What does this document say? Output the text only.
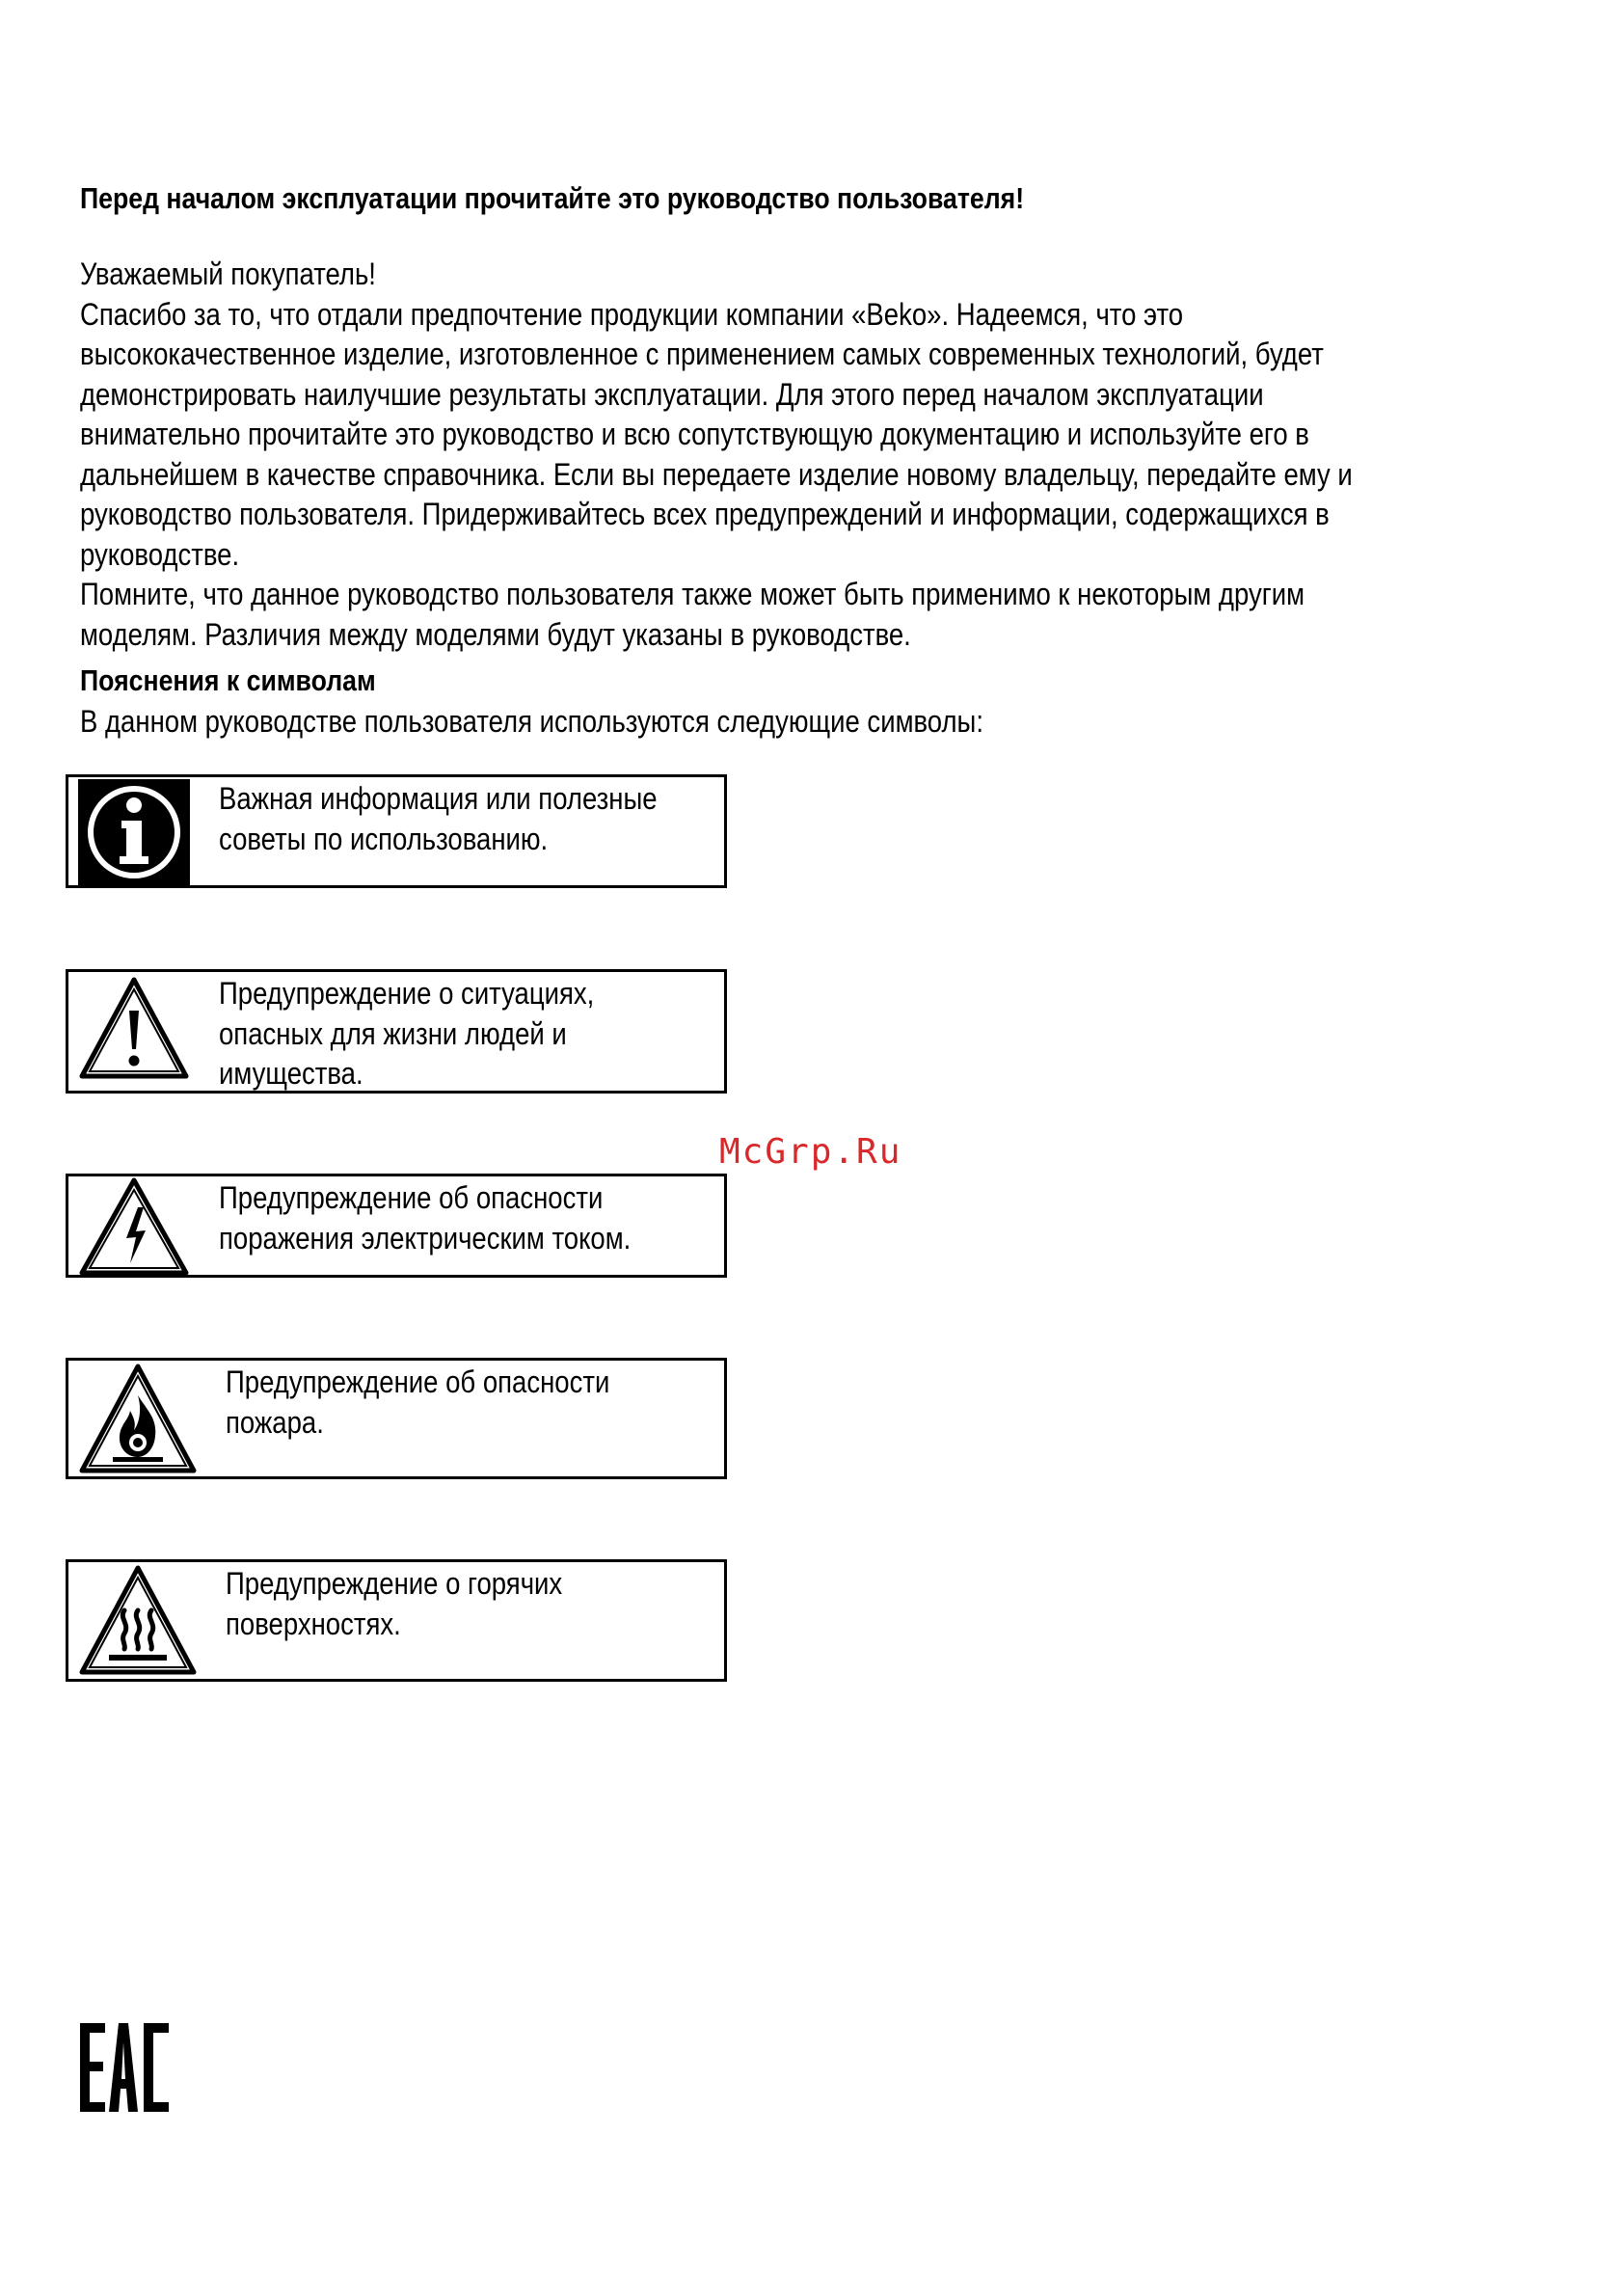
Перед началом эксплуатации прочитайте это руководство пользователя!
Уважаемый покупатель!
Спасибо за то, что отдали предпочтение продукции компании «Beko». Надеемся, что это
высококачественное изделие, изготовленное с применением самых современных технологий, будет
демонстрировать наилучшие результаты эксплуатации. Для этого перед началом эксплуатации
внимательно прочитайте это руководство и всю сопутствующую документацию и используйте его в
дальнейшем в качестве справочника. Если вы передаете изделие новому владельцу, передайте ему и
руководство пользователя. Придерживайтесь всех предупреждений и информации, содержащихся в
руководстве.
Помните, что данное руководство пользователя также может быть применимо к некоторым другим
моделям. Различия между моделями будут указаны в руководстве.
Пояснения к символам
В данном руководстве пользователя используются следующие символы:
Важная информация или полезные
советы по использованию.
Предупреждение о ситуациях,
опасных для жизни людей и
имущества.
Предупреждение об опасности
поражения электрическим током.
Предупреждение об опасности
пожара.
Предупреждение о горячих
поверхностях.
McGrp.Ru
